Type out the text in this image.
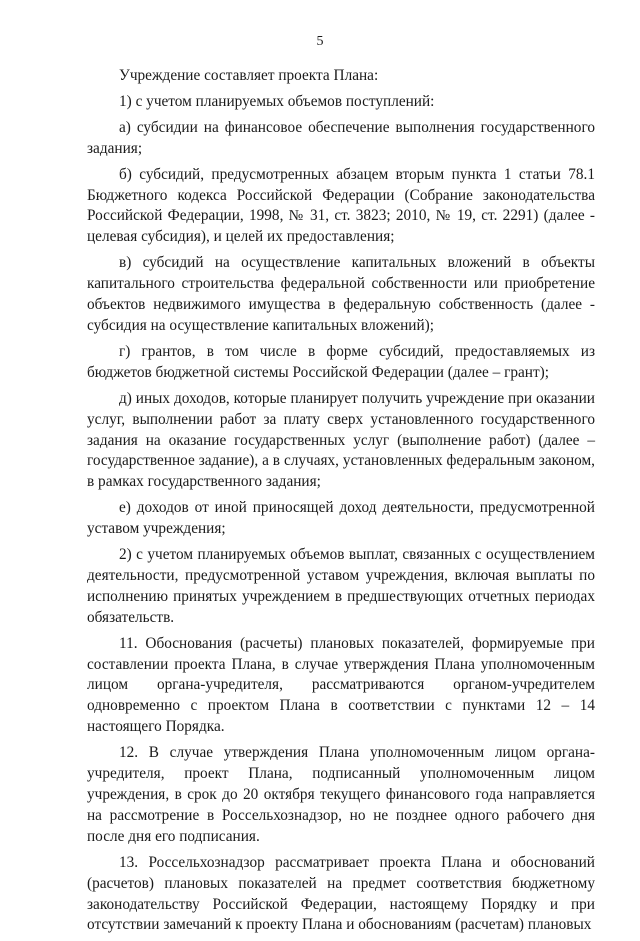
5

Учреждение составляет проекта Плана:

1) с учетом планируемых объемов поступлений:

а) субсидии на финансовое обеспечение выполнения государственного задания;

б) субсидий, предусмотренных абзацем вторым пункта 1 статьи 78.1 Бюджетного кодекса Российской Федерации (Собрание законодательства Российской Федерации, 1998, № 31, ст. 3823; 2010, № 19, ст. 2291) (далее - целевая субсидия), и целей их предоставления;

в) субсидий на осуществление капитальных вложений в объекты капитального строительства федеральной собственности или приобретение объектов недвижимого имущества в федеральную собственность (далее - субсидия на осуществление капитальных вложений);

г) грантов, в том числе в форме субсидий, предоставляемых из бюджетов бюджетной системы Российской Федерации (далее – грант);

д) иных доходов, которые планирует получить учреждение при оказании услуг, выполнении работ за плату сверх установленного государственного задания на оказание государственных услуг (выполнение работ) (далее – государственное задание), а в случаях, установленных федеральным законом, в рамках государственного задания;

е) доходов от иной приносящей доход деятельности, предусмотренной уставом учреждения;

2) с учетом планируемых объемов выплат, связанных с осуществлением деятельности, предусмотренной уставом учреждения, включая выплаты по исполнению принятых учреждением в предшествующих отчетных периодах обязательств.

11. Обоснования (расчеты) плановых показателей, формируемые при составлении проекта Плана, в случае утверждения Плана уполномоченным лицом органа-учредителя, рассматриваются органом-учредителем одновременно с проектом Плана в соответствии с пунктами 12 – 14 настоящего Порядка.

12. В случае утверждения Плана уполномоченным лицом органа-учредителя, проект Плана, подписанный уполномоченным лицом учреждения, в срок до 20 октября текущего финансового года направляется на рассмотрение в Россельхознадзор, но не позднее одного рабочего дня после дня его подписания.

13. Россельхознадзор рассматривает проекта Плана и обоснований (расчетов) плановых показателей на предмет соответствия бюджетному законодательству Российской Федерации, настоящему Порядку и при отсутствии замечаний к проекту Плана и обоснованиям (расчетам) плановых
